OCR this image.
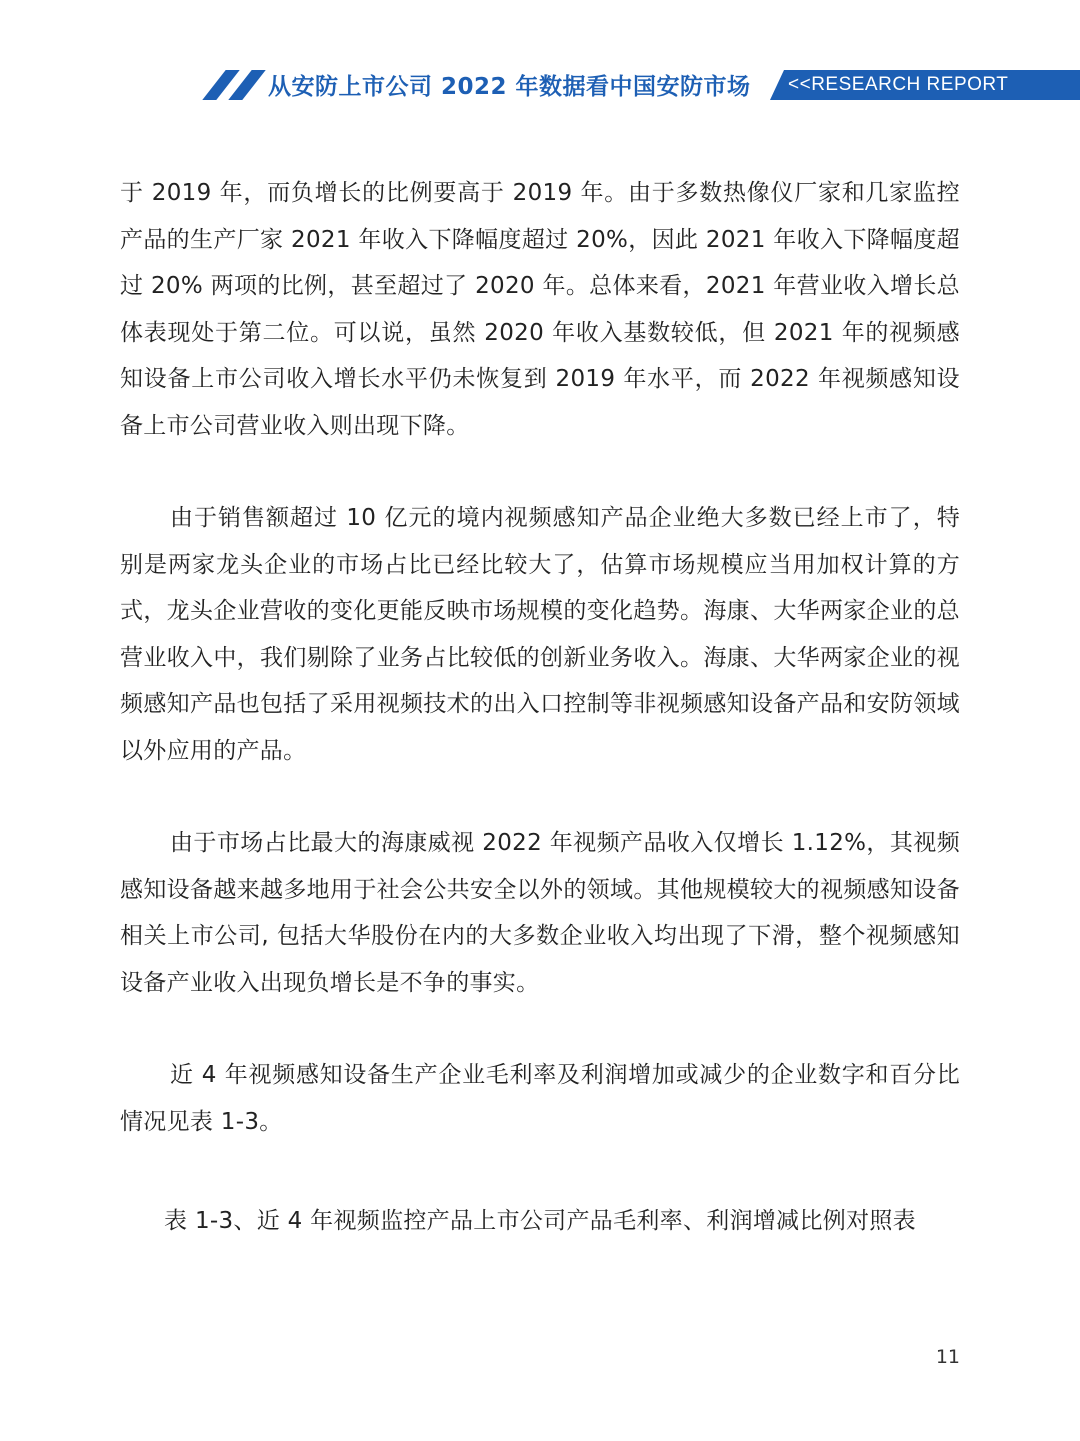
从安防上市公司 2022 年数据看中国安防市场 <<RESEARCH REPORT

于 2019 年，而负增长的比例要高于 2019 年。由于多数热像仪厂家和几家监控产品的生产厂家 2021 年收入下降幅度超过 20%，因此 2021 年收入下降幅度超过 20% 两项的比例，甚至超过了 2020 年。总体来看，2021 年营业收入增长总体表现处于第二位。可以说，虽然 2020 年收入基数较低，但 2021 年的视频感知设备上市公司收入增长水平仍未恢复到 2019 年水平，而 2022 年视频感知设备上市公司营业收入则出现下降。

由于销售额超过 10 亿元的境内视频感知产品企业绝大多数已经上市了，特别是两家龙头企业的市场占比已经比较大了，估算市场规模应当用加权计算的方式，龙头企业营收的变化更能反映市场规模的变化趋势。海康、大华两家企业的总营业收入中，我们剔除了业务占比较低的创新业务收入。海康、大华两家企业的视频感知产品也包括了采用视频技术的出入口控制等非视频感知设备产品和安防领域以外应用的产品。

由于市场占比最大的海康威视 2022 年视频产品收入仅增长 1.12%，其视频感知设备越来越多地用于社会公共安全以外的领域。其他规模较大的视频感知设备相关上市公司, 包括大华股份在内的大多数企业收入均出现了下滑，整个视频感知设备产业收入出现负增长是不争的事实。

近 4 年视频感知设备生产企业毛利率及利润增加或减少的企业数字和百分比情况见表 1-3。

表 1-3、近 4 年视频监控产品上市公司产品毛利率、利润增减比例对照表
11
